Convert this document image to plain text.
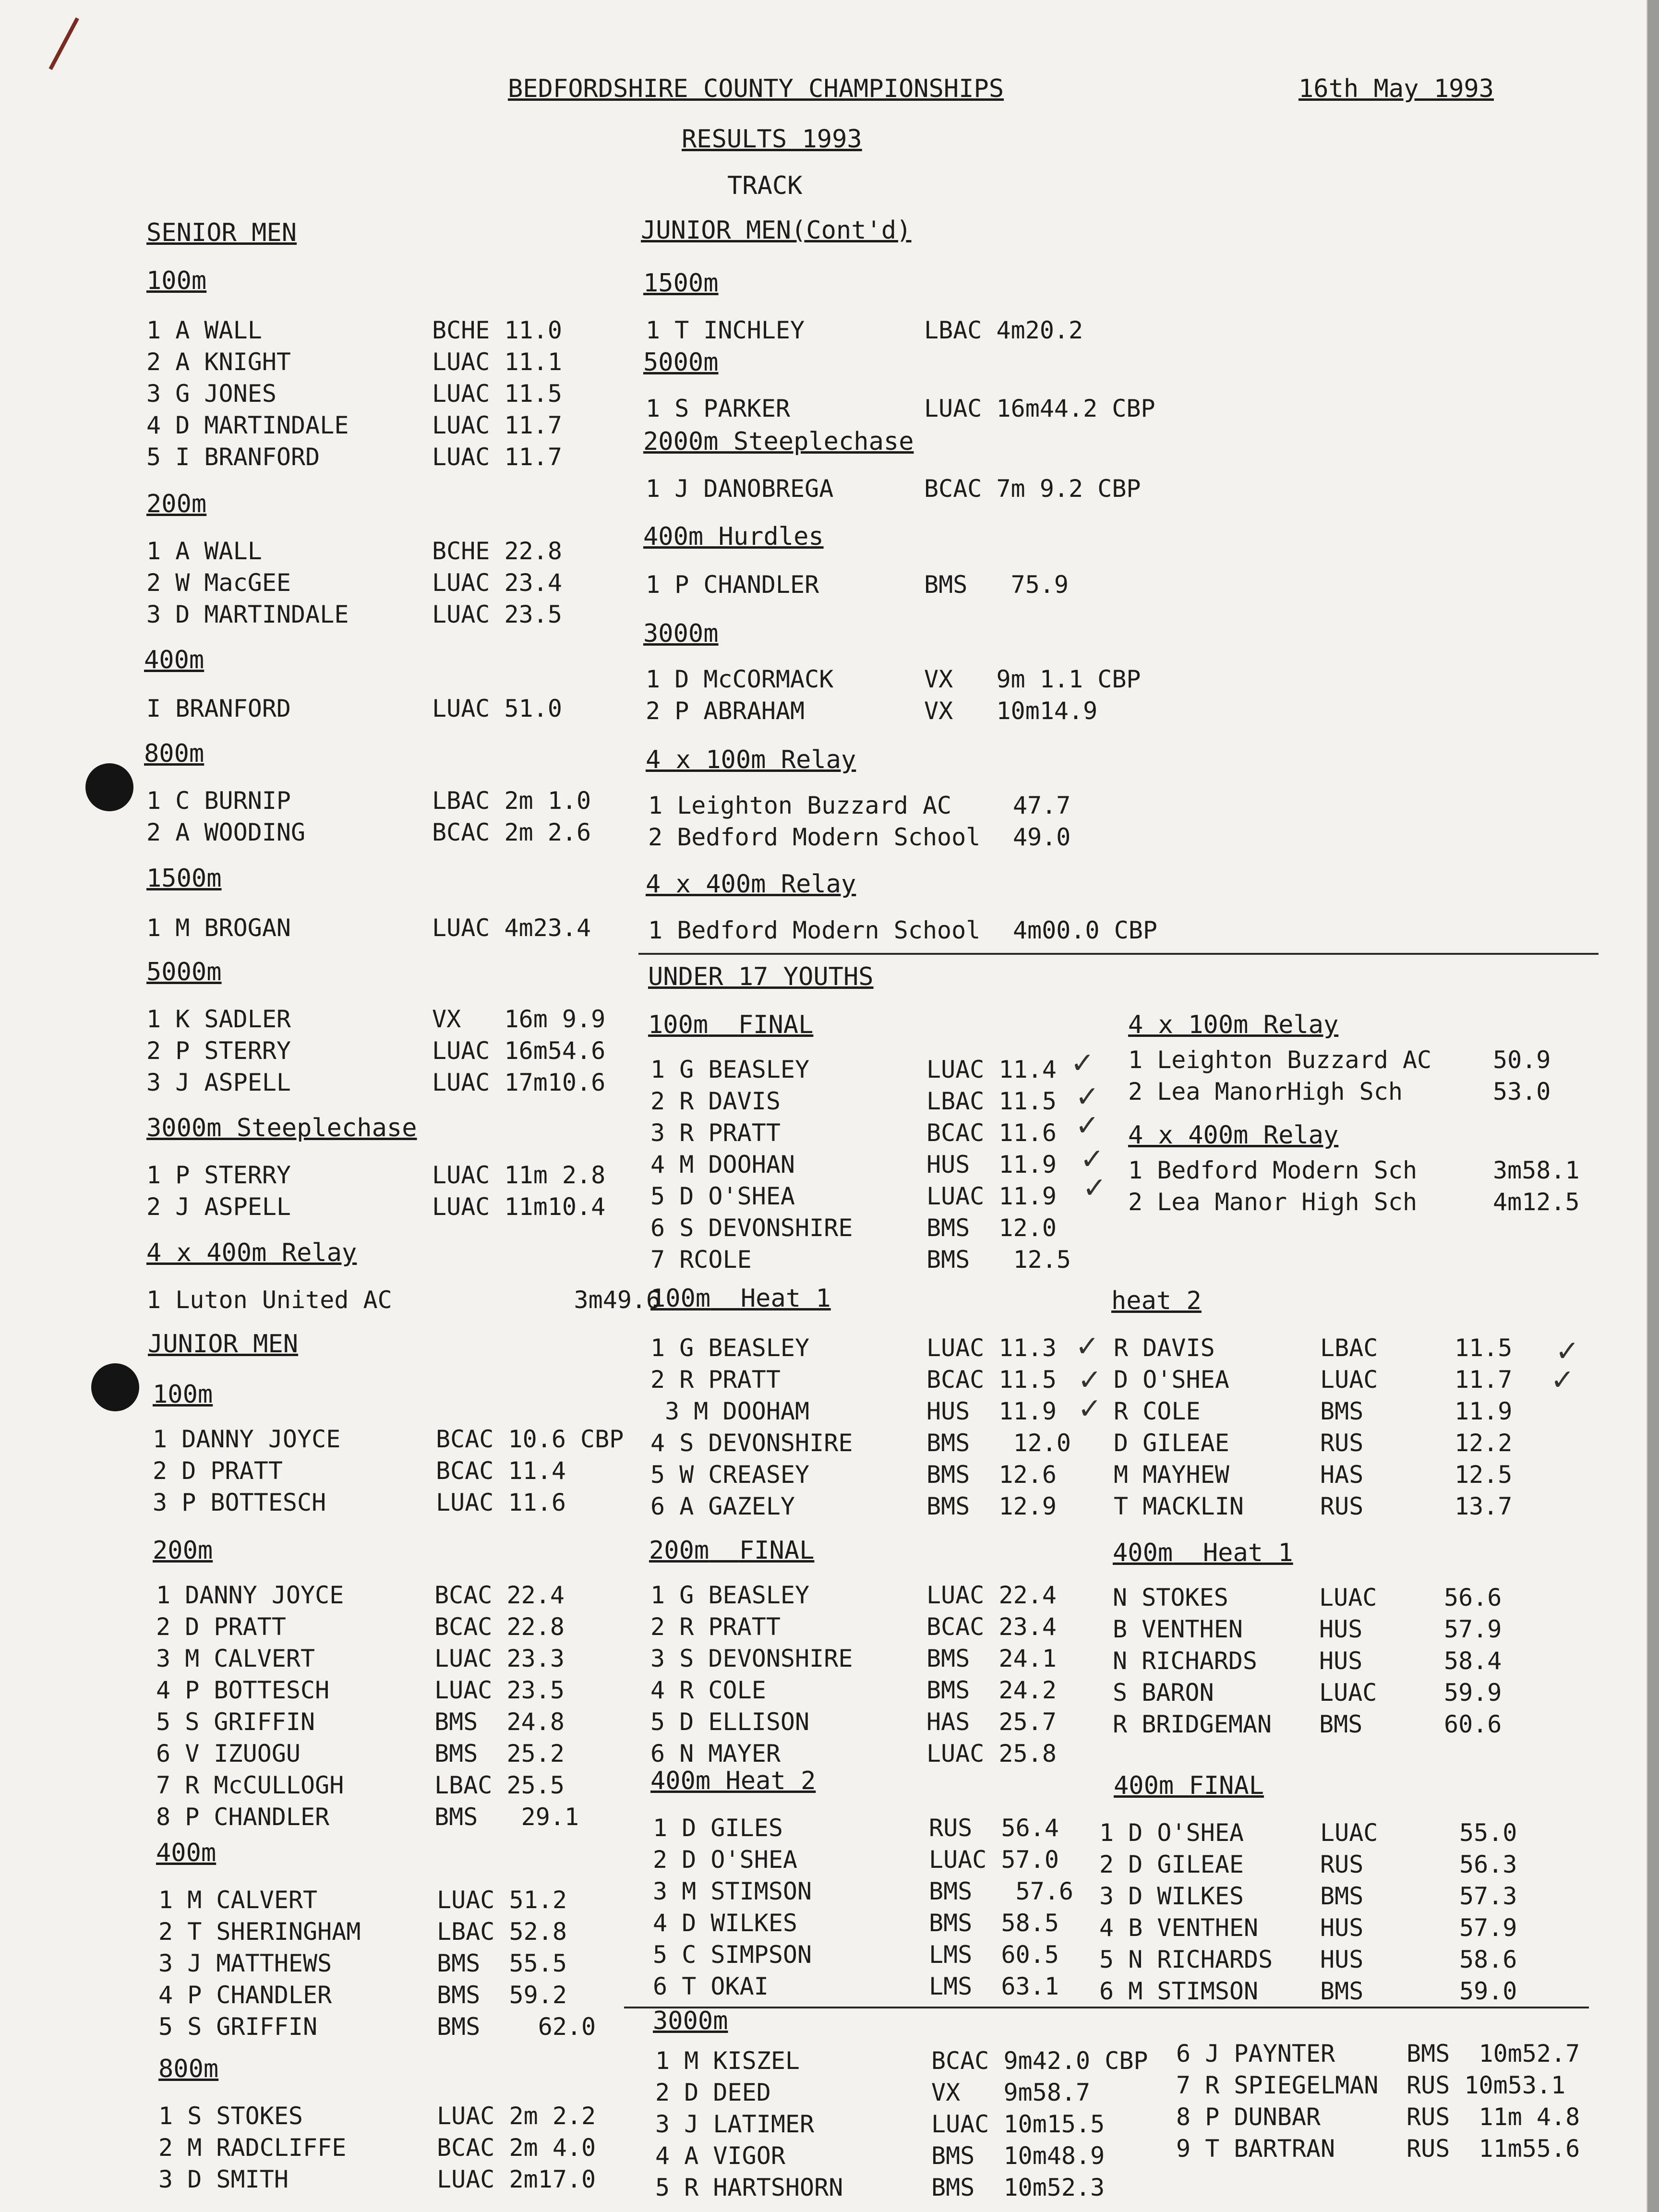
BEDFORDSHIRE COUNTY CHAMPIONSHIPS	16th May 1993
RESULTS 1993
TRACK
SENIOR MEN
100m
1 A WALL	BCHE 11.0
2 A KNIGHT	LUAC 11.1
3 G JONES	LUAC 11.5
4 D MARTINDALE	LUAC 11.7
5 I BRANFORD	LUAC 11.7
200m
1 A WALL	BCHE 22.8
2 W MacGEE	LUAC 23.4
3 D MARTINDALE	LUAC 23.5
400m
I BRANFORD	LUAC 51.0
800m
1 C BURNIP	LBAC 2m 1.0
2 A WOODING	BCAC 2m 2.6
1500m
1 M BROGAN	LUAC 4m23.4
5000m
1 K SADLER	VX   16m 9.9
2 P STERRY	LUAC 16m54.6
3 J ASPELL	LUAC 17m10.6
3000m Steeplechase
1 P STERRY	LUAC 11m 2.8
2 J ASPELL	LUAC 11m10.4
4 x 400m Relay
1 Luton United AC	3m49.6
JUNIOR MEN
100m
1 DANNY JOYCE	BCAC 10.6 CBP
2 D PRATT	BCAC 11.4
3 P BOTTESCH	LUAC 11.6
200m
1 DANNY JOYCE	BCAC 22.4
2 D PRATT	BCAC 22.8
3 M CALVERT	LUAC 23.3
4 P BOTTESCH	LUAC 23.5
5 S GRIFFIN	BMS  24.8
6 V IZUOGU	BMS  25.2
7 R McCULLOGH	LBAC 25.5
8 P CHANDLER	BMS   29.1
400m
1 M CALVERT	LUAC 51.2
2 T SHERINGHAM	LBAC 52.8
3 J MATTHEWS	BMS  55.5
4 P CHANDLER	BMS  59.2
5 S GRIFFIN	BMS    62.0
800m
1 S STOKES	LUAC 2m 2.2
2 M RADCLIFFE	BCAC 2m 4.0
3 D SMITH	LUAC 2m17.0
JUNIOR MEN(Cont'd)
1500m
1 T INCHLEY	LBAC 4m20.2
5000m
1 S PARKER	LUAC 16m44.2 CBP
2000m Steeplechase
1 J DANOBREGA	BCAC 7m 9.2 CBP
400m Hurdles
1 P CHANDLER	BMS   75.9
3000m
1 D McCORMACK	VX   9m 1.1 CBP
2 P ABRAHAM	VX   10m14.9
4 x 100m Relay
1 Leighton Buzzard AC	47.7
2 Bedford Modern School	49.0
4 x 400m Relay
1 Bedford Modern School	4m00.0 CBP
UNDER 17 YOUTHS
100m FINAL
1 G BEASLEY	LUAC 11.4
2 R DAVIS	LBAC 11.5
3 R PRATT	BCAC 11.6
4 M DOOHAN	HUS  11.9
5 D O'SHEA	LUAC 11.9
6 S DEVONSHIRE	BMS  12.0
7 RCOLE	BMS   12.5
4 x 100m Relay
1 Leighton Buzzard AC	50.9
2 Lea ManorHigh Sch	53.0
4 x 400m Relay
1 Bedford Modern Sch	3m58.1
2 Lea Manor High Sch	4m12.5
100m Heat 1
1 G BEASLEY	LUAC 11.3
2 R PRATT	BCAC 11.5
3 M DOOHAM	HUS  11.9
4 S DEVONSHIRE	BMS   12.0
5 W CREASEY	BMS  12.6
6 A GAZELY	BMS  12.9
heat 2
R DAVIS	LBAC	11.5
D O'SHEA	LUAC	11.7
R COLE	BMS	11.9
D GILEAE	RUS	12.2
M MAYHEW	HAS	12.5
T MACKLIN	RUS	13.7
200m FINAL
1 G BEASLEY	LUAC 22.4
2 R PRATT	BCAC 23.4
3 S DEVONSHIRE	BMS  24.1
4 R COLE	BMS  24.2
5 D ELLISON	HAS  25.7
6 N MAYER	LUAC 25.8
400m Heat 1
N STOKES	LUAC	56.6
B VENTHEN	HUS	57.9
N RICHARDS	HUS	58.4
S BARON	LUAC	59.9
R BRIDGEMAN	BMS	60.6
400m Heat 2
1 D GILES	RUS  56.4
2 D O'SHEA	LUAC 57.0
3 M STIMSON	BMS   57.6
4 D WILKES	BMS  58.5
5 C SIMPSON	LMS  60.5
6 T OKAI	LMS  63.1
400m FINAL
1 D O'SHEA	LUAC	55.0
2 D GILEAE	RUS	56.3
3 D WILKES	BMS	57.3
4 B VENTHEN	HUS	57.9
5 N RICHARDS	HUS	58.6
6 M STIMSON	BMS	59.0
3000m
1 M KISZEL	BCAC 9m42.0 CBP
2 D DEED	VX   9m58.7
3 J LATIMER	LUAC 10m15.5
4 A VIGOR	BMS  10m48.9
5 R HARTSHORN	BMS  10m52.3
6 J PAYNTER	BMS  10m52.7
7 R SPIEGELMAN	RUS 10m53.1
8 P DUNBAR	RUS  11m 4.8
9 T BARTRAN	RUS  11m55.6
✓
✓
✓
✓
✓
✓
✓
✓
✓
✓
